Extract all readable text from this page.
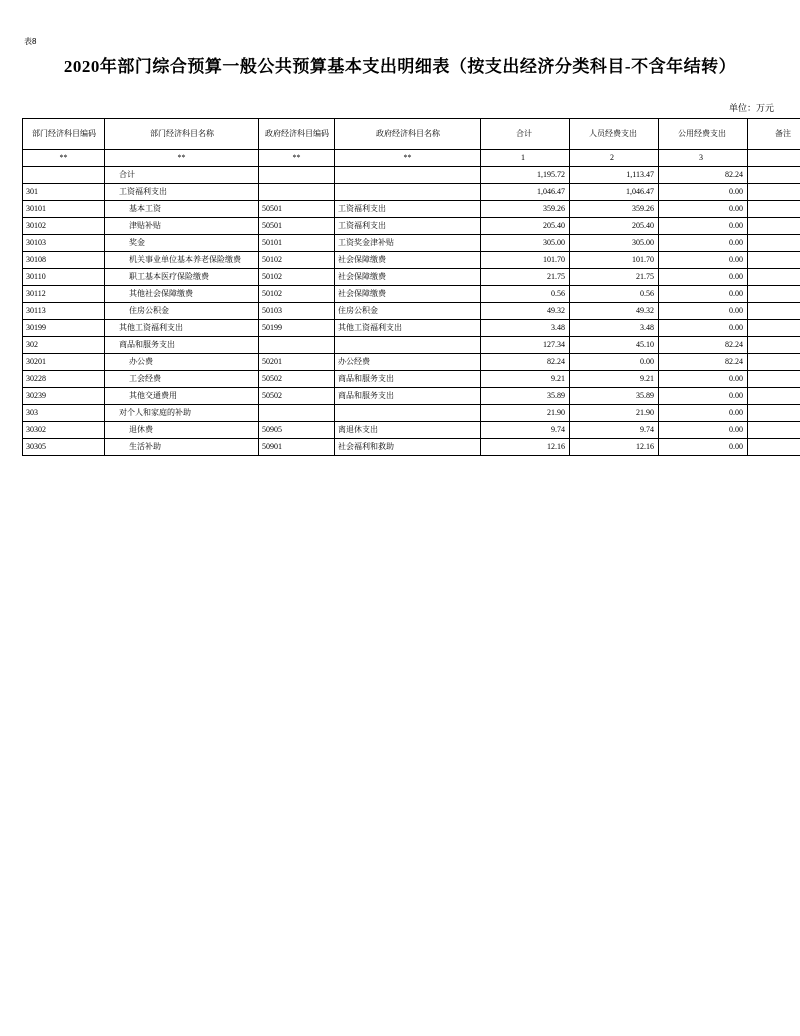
表8
2020年部门综合预算一般公共预算基本支出明细表（按支出经济分类科目-不含年结转）
单位：万元
部门经济科目编码	部门经济科目名称	政府经济科目编码	政府经济科目名称	合计	人员经费支出	公用经费支出	备注
**	**	**	**	1	2	3	
	合计			1,195.72	1,113.47	82.24	
301	工资福利支出			1,046.47	1,046.47	0.00	
30101	基本工资	50501	工资福利支出	359.26	359.26	0.00	
30102	津贴补贴	50501	工资福利支出	205.40	205.40	0.00	
30103	奖金	50101	工资奖金津补贴	305.00	305.00	0.00	
30108	机关事业单位基本养老保险缴费	50102	社会保障缴费	101.70	101.70	0.00	
30110	职工基本医疗保险缴费	50102	社会保障缴费	21.75	21.75	0.00	
30112	其他社会保障缴费	50102	社会保障缴费	0.56	0.56	0.00	
30113	住房公积金	50103	住房公积金	49.32	49.32	0.00	
30199	其他工资福利支出	50199	其他工资福利支出	3.48	3.48	0.00	
302	商品和服务支出			127.34	45.10	82.24	
30201	办公费	50201	办公经费	82.24	0.00	82.24	
30228	工会经费	50502	商品和服务支出	9.21	9.21	0.00	
30239	其他交通费用	50502	商品和服务支出	35.89	35.89	0.00	
303	对个人和家庭的补助			21.90	21.90	0.00	
30302	退休费	50905	离退休支出	9.74	9.74	0.00	
30305	生活补助	50901	社会福利和救助	12.16	12.16	0.00	
